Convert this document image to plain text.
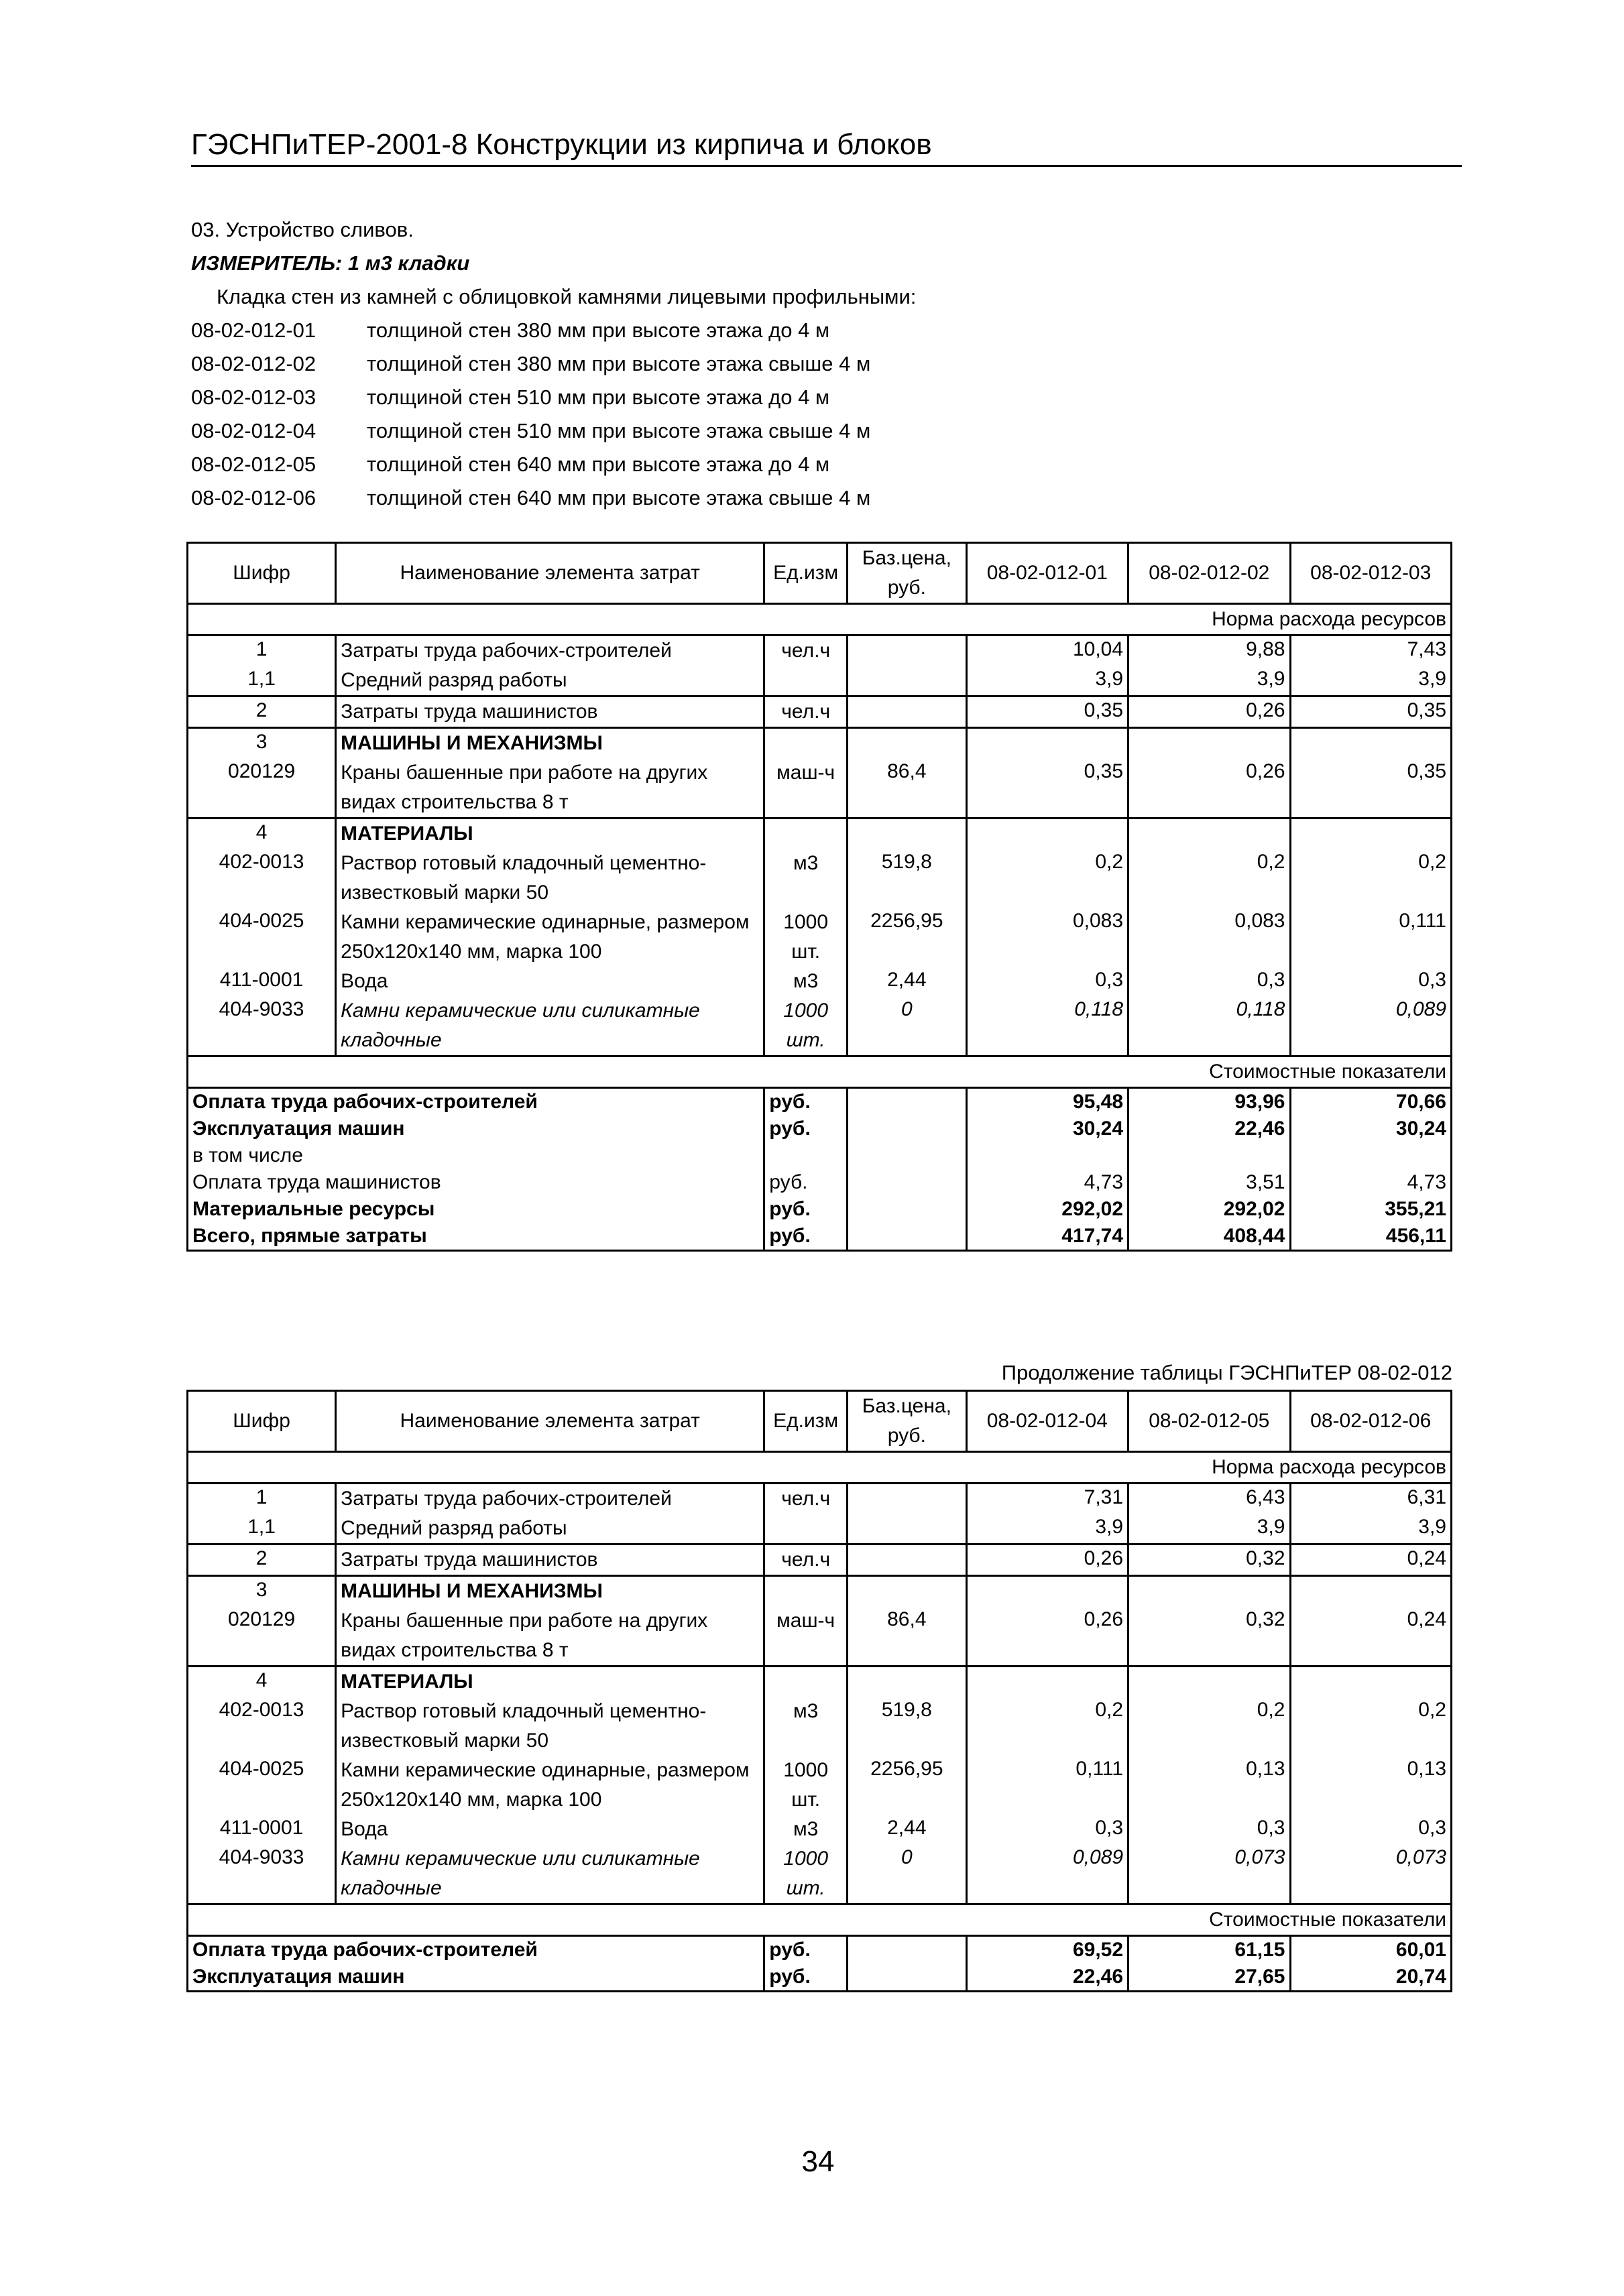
ГЭСНПиТЕР-2001-8 Конструкции из кирпича и блоков
03. Устройство сливов.
ИЗМЕРИТЕЛЬ: 1 м3 кладки
Кладка стен из камней с облицовкой камнями лицевыми профильными:
08-02-012-01 толщиной стен 380 мм при высоте этажа до 4 м
08-02-012-02 толщиной стен 380 мм при высоте этажа свыше 4 м
08-02-012-03 толщиной стен 510 мм при высоте этажа до 4 м
08-02-012-04 толщиной стен 510 мм при высоте этажа свыше 4 м
08-02-012-05 толщиной стен 640 мм при высоте этажа до 4 м
08-02-012-06 толщиной стен 640 мм при высоте этажа свыше 4 м
Шифр	Наименование элемента затрат	Ед.изм	Баз.цена, руб.	08-02-012-01	08-02-012-02	08-02-012-03
Норма расхода ресурсов						
1	Затраты труда рабочих-строителей	чел.ч		10,04	9,88	7,43
1,1	Средний разряд работы			3,9	3,9	3,9
2	Затраты труда машинистов	чел.ч		0,35	0,26	0,35
3	МАШИНЫ И МЕХАНИЗМЫ					
020129	Краны башенные при работе на других видах строительства 8 т	маш-ч	86,4	0,35	0,26	0,35
4	МАТЕРИАЛЫ					
402-0013	Раствор готовый кладочный цементно-известковый марки 50	м3	519,8	0,2	0,2	0,2
404-0025	Камни керамические одинарные, размером 250х120х140 мм, марка 100	1000 шт.	2256,95	0,083	0,083	0,111
411-0001	Вода	м3	2,44	0,3	0,3	0,3
404-9033	Камни керамические или силикатные кладочные	1000 шт.	0	0,118	0,118	0,089
Стоимостные показатели						
Оплата труда рабочих-строителей		руб.		95,48	93,96	70,66
Эксплуатация машин		руб.		30,24	22,46	30,24
в том числе						
Оплата труда машинистов		руб.		4,73	3,51	4,73
Материальные ресурсы		руб.		292,02	292,02	355,21
Всего, прямые затраты		руб.		417,74	408,44	456,11
Продолжение таблицы ГЭСНПиТЕР 08-02-012
Шифр	Наименование элемента затрат	Ед.изм	Баз.цена, руб.	08-02-012-04	08-02-012-05	08-02-012-06
Норма расхода ресурсов						
1	Затраты труда рабочих-строителей	чел.ч		7,31	6,43	6,31
1,1	Средний разряд работы			3,9	3,9	3,9
2	Затраты труда машинистов	чел.ч		0,26	0,32	0,24
3	МАШИНЫ И МЕХАНИЗМЫ					
020129	Краны башенные при работе на других видах строительства 8 т	маш-ч	86,4	0,26	0,32	0,24
4	МАТЕРИАЛЫ					
402-0013	Раствор готовый кладочный цементно-известковый марки 50	м3	519,8	0,2	0,2	0,2
404-0025	Камни керамические одинарные, размером 250х120х140 мм, марка 100	1000 шт.	2256,95	0,111	0,13	0,13
411-0001	Вода	м3	2,44	0,3	0,3	0,3
404-9033	Камни керамические или силикатные кладочные	1000 шт.	0	0,089	0,073	0,073
Стоимостные показатели						
Оплата труда рабочих-строителей		руб.		69,52	61,15	60,01
Эксплуатация машин		руб.		22,46	27,65	20,74
34
